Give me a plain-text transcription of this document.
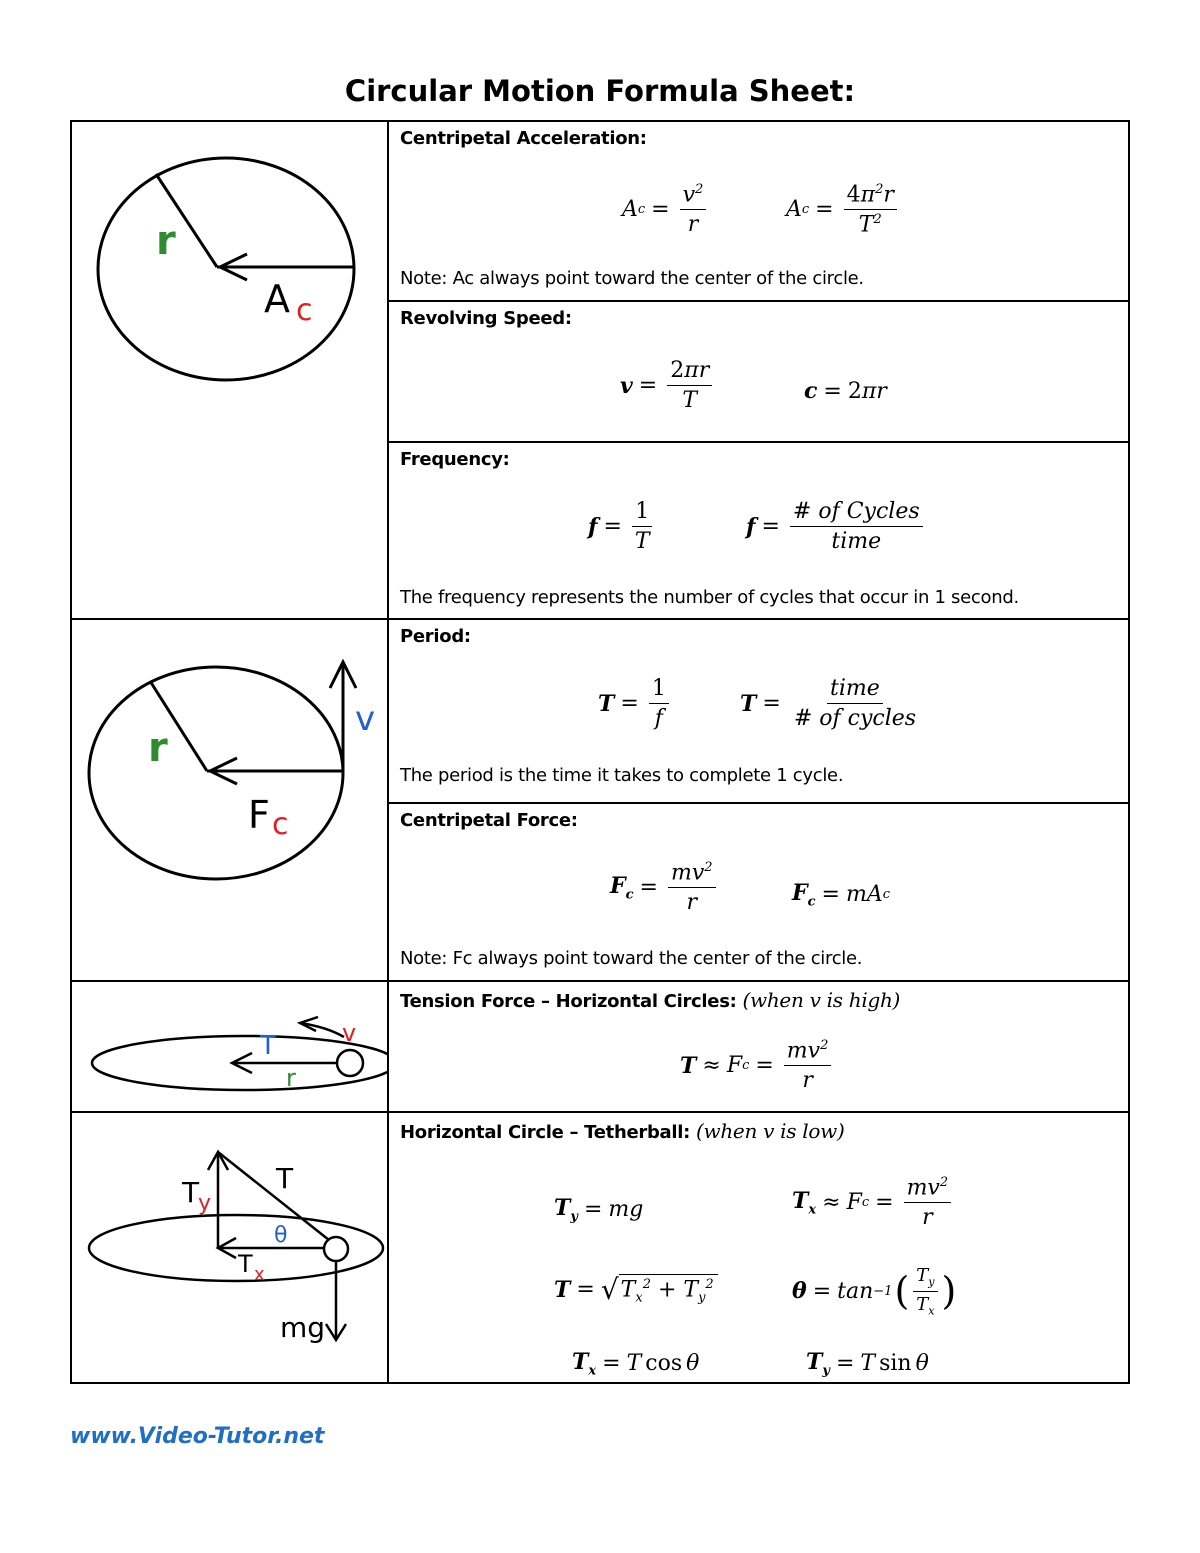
Circular Motion Formula Sheet:
r
A c
v
r
F c
T
r
v
T
T
y
θ
T x
mg
Centripetal Acceleration:
A $c = \frac{v^2}{r}$	A $c = \frac{4\pi^2r}{T^2}$
Note: Ac always point toward the center of the circle.
Revolving Speed:
$v = \frac{2\pi r}{T}$	c = 2 πr
Frequency:
$f = \frac{1}{T}$	$f = \frac{\text{\# of Cycles}}{\text{time}}$
The frequency represents the number of cycles that occur in 1 second.
Period:
$T = \frac{1}{f}$	$T = \frac{\text{time}}{\text{\# of cycles}}$
The period is the time it takes to complete 1 cycle.
Centripetal Force:
$F_c = \frac{mv^2}{r}$	$F_c$ = mA c
Note: Fc always point toward the center of the circle.
Tension Force – Horizontal Circles: (when v is high)
T ≈ F $c = \frac{mv^2}{r}$
Horizontal Circle – Tetherball: (when v is low)
$T_y$ = mg	$T_x \approx F$ $c = \frac{mv^2}{r}$
T = √ $T_x^2 + T_y^2$	θ = tan −1 ( $\frac{T_y}{T_x}$ )
$T_x = T$ cos θ	$T_y = T$ sin θ
www.Video-Tutor.net
